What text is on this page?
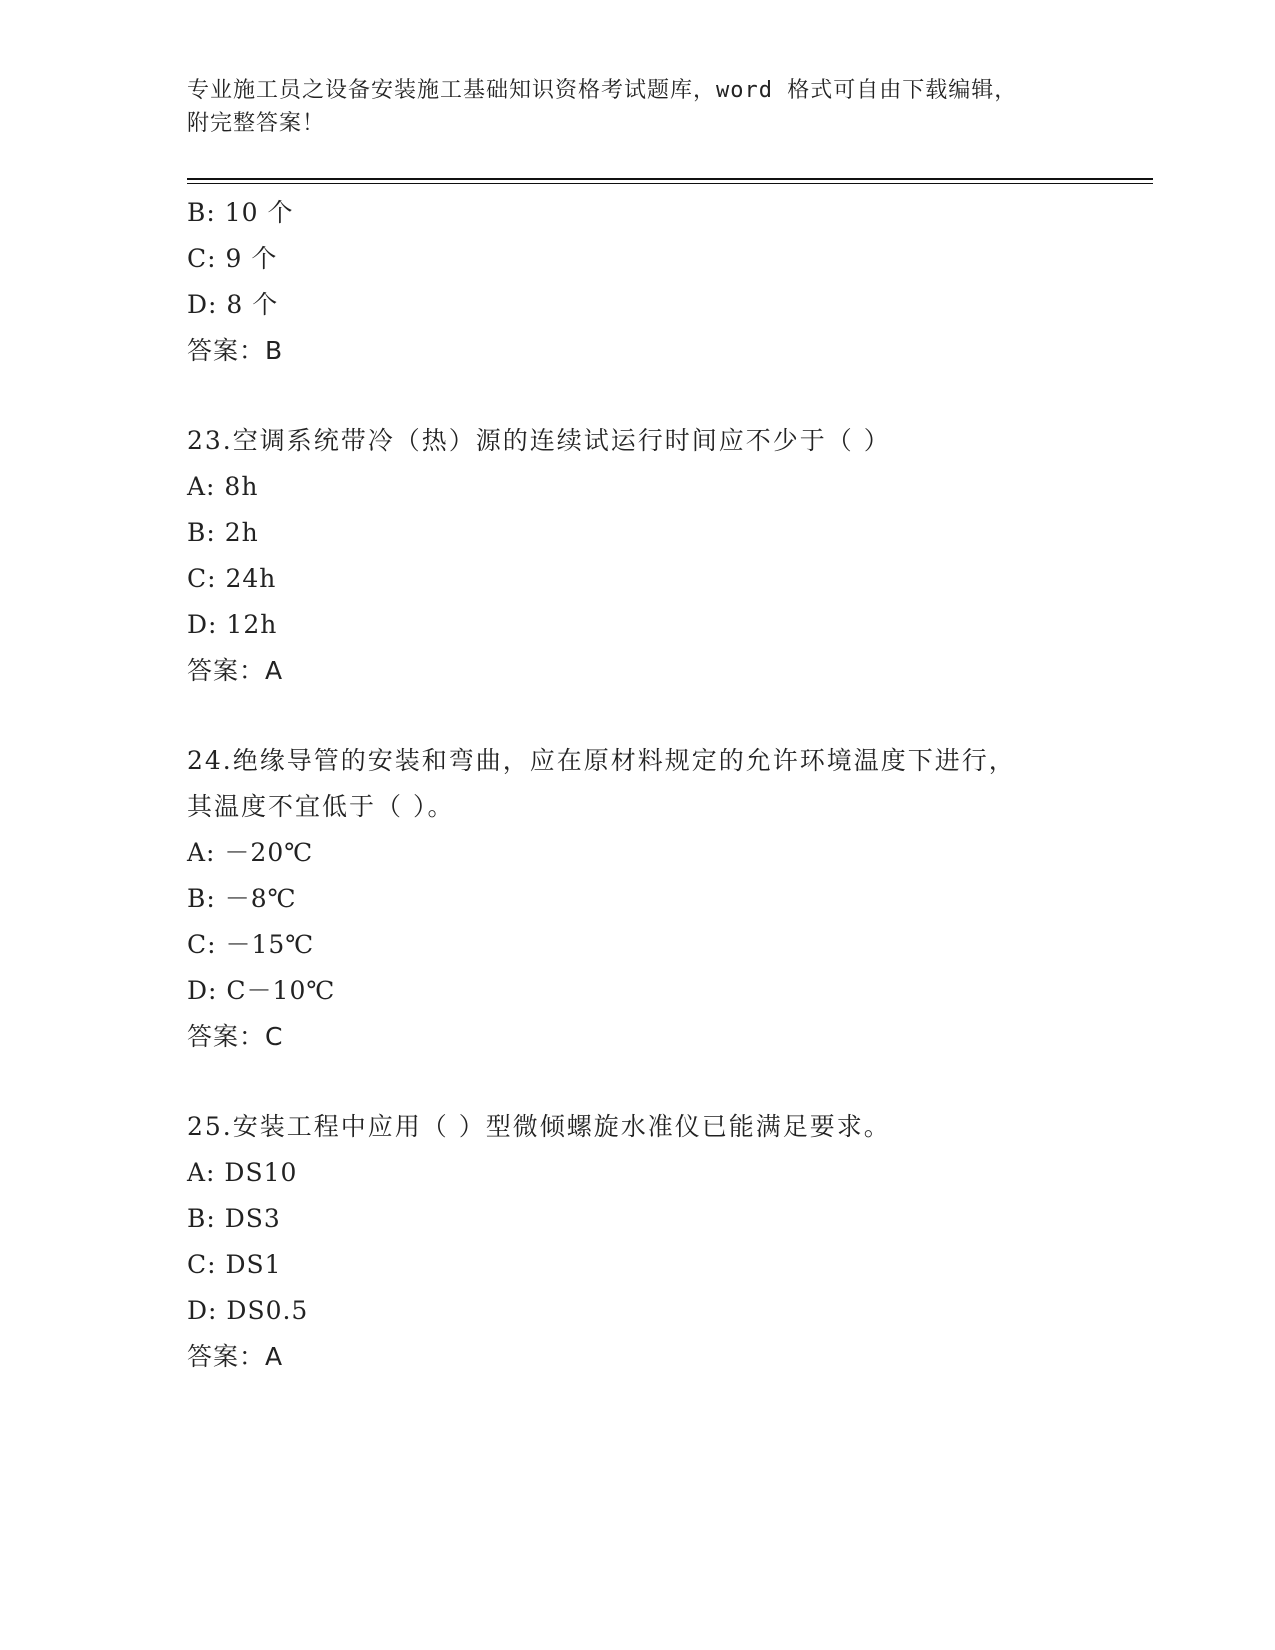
专业施工员之设备安装施工基础知识资格考试题库，word 格式可自由下载编辑，
附完整答案！
B: 10 个
C: 9 个
D: 8 个
答案：B
23.空调系统带冷（热）源的连续试运行时间应不少于（ ）
A: 8h
B: 2h
C: 24h
D: 12h
答案：A
24.绝缘导管的安装和弯曲，应在原材料规定的允许环境温度下进行，
其温度不宜低于（ ）。
A: －20℃
B: －8℃
C: －15℃
D: C－10℃
答案：C
25.安装工程中应用（ ）型微倾螺旋水准仪已能满足要求。
A: DS10
B: DS3
C: DS1
D: DS0.5
答案：A
